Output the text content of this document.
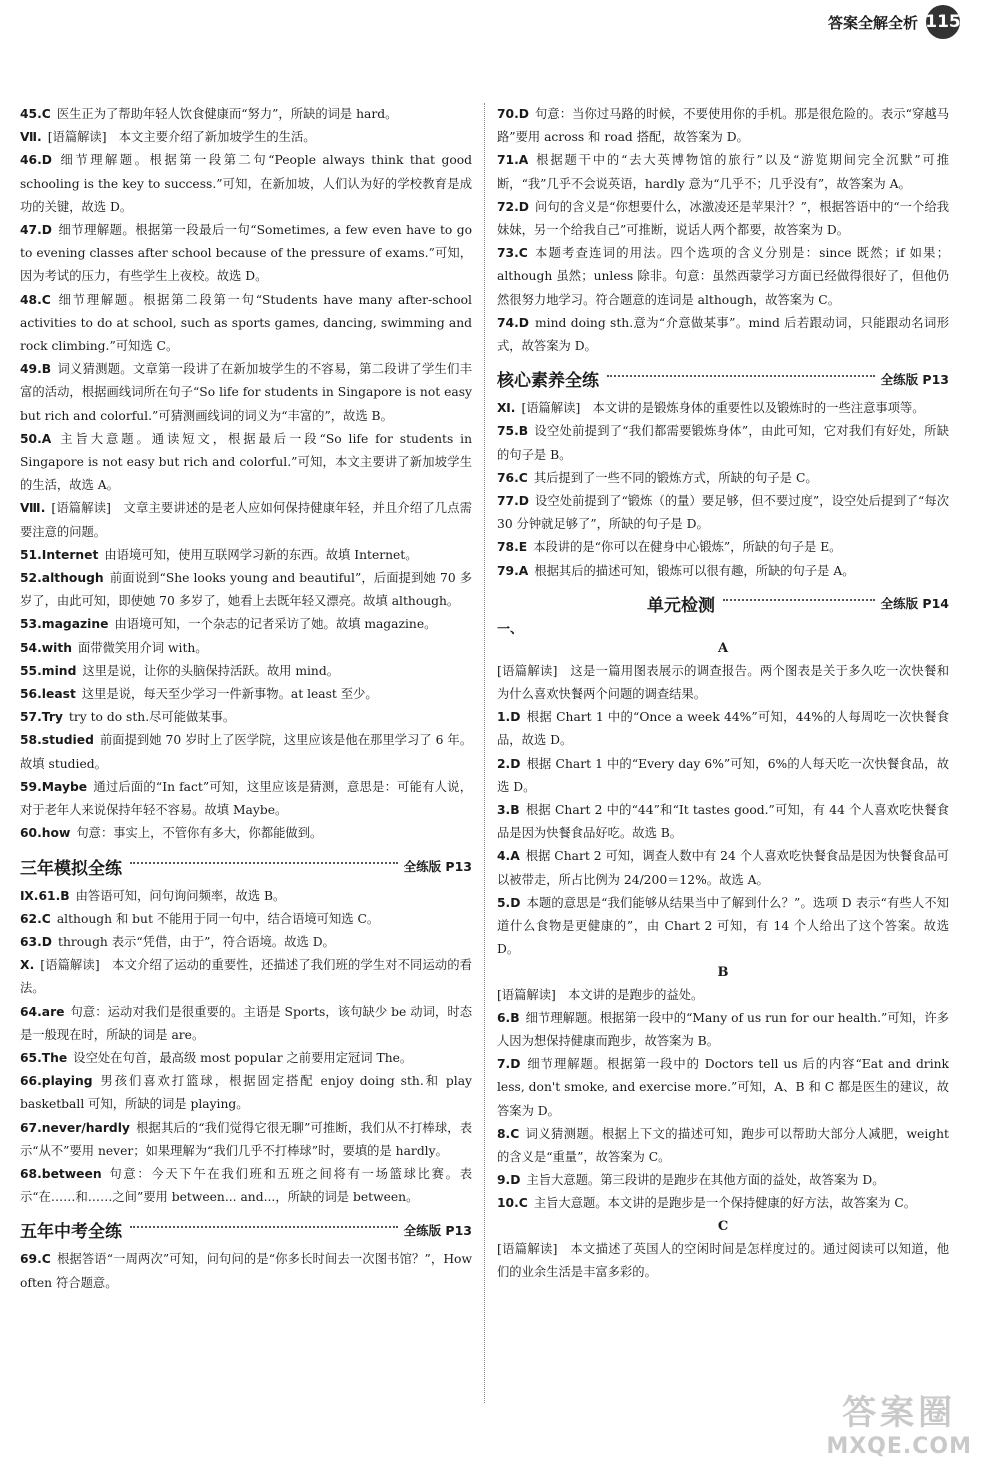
答案全解全析 115

45.C 医生正为了帮助年轻人饮食健康而“努力”，所缺的词是 hard。

Ⅶ. [语篇解读]　本文主要介绍了新加坡学生的生活。

46.D 细节理解题。根据第一段第二句“People always think that good schooling is the key to success.”可知，在新加坡，人们认为好的学校教育是成功的关键，故选 D。

47.D 细节理解题。根据第一段最后一句“Sometimes, a few even have to go to evening classes after school because of the pressure of exams.”可知，因为考试的压力，有些学生上夜校。故选 D。

48.C 细节理解题。根据第二段第一句“Students have many after-school activities to do at school, such as sports games, dancing, swimming and rock climbing.”可知选 C。

49.B 词义猜测题。文章第一段讲了在新加坡学生的不容易，第二段讲了学生们丰富的活动，根据画线词所在句子“So life for students in Singapore is not easy but rich and colorful.”可猜测画线词的词义为“丰富的”，故选 B。

50.A 主旨大意题。通读短文，根据最后一段“So life for students in Singapore is not easy but rich and colorful.”可知，本文主要讲了新加坡学生的生活，故选 A。

Ⅷ. [语篇解读]　文章主要讲述的是老人应如何保持健康年轻，并且介绍了几点需要注意的问题。

51.Internet 由语境可知，使用互联网学习新的东西。故填 Internet。

52.although 前面说到“She looks young and beautiful”，后面提到她 70 多岁了，由此可知，即使她 70 多岁了，她看上去既年轻又漂亮。故填 although。

53.magazine 由语境可知，一个杂志的记者采访了她。故填 magazine。

54.with 面带微笑用介词 with。

55.mind 这里是说，让你的头脑保持活跃。故用 mind。

56.least 这里是说，每天至少学习一件新事物。at least 至少。

57.Try try to do sth.尽可能做某事。

58.studied 前面提到她 70 岁时上了医学院，这里应该是他在那里学习了 6 年。故填 studied。

59.Maybe 通过后面的“In fact”可知，这里应该是猜测，意思是：可能有人说，对于老年人来说保持年轻不容易。故填 Maybe。

60.how 句意：事实上，不管你有多大，你都能做到。

三年模拟全练	全练版 P13

Ⅸ.61.B 由答语可知，问句询问频率，故选 B。

62.C although 和 but 不能用于同一句中，结合语境可知选 C。

63.D through 表示“凭借，由于”，符合语境。故选 D。

Ⅹ. [语篇解读]　本文介绍了运动的重要性，还描述了我们班的学生对不同运动的看法。

64.are 句意：运动对我们是很重要的。主语是 Sports，该句缺少 be 动词，时态是一般现在时，所缺的词是 are。

65.The 设空处在句首，最高级 most popular 之前要用定冠词 The。

66.playing 男孩们喜欢打篮球，根据固定搭配 enjoy doing sth.和 play basketball 可知，所缺的词是 playing。

67.never/hardly 根据其后的“我们觉得它很无聊”可推断，我们从不打棒球，表示“从不”要用 never；如果理解为“我们几乎不打棒球”时，要填的是 hardly。

68.between 句意：今天下午在我们班和五班之间将有一场篮球比赛。表示“在……和……之间”要用 between... and...，所缺的词是 between。

五年中考全练	全练版 P13

69.C 根据答语“一周两次”可知，问句问的是“你多长时间去一次图书馆？”，How often 符合题意。

70.D 句意：当你过马路的时候，不要使用你的手机。那是很危险的。表示“穿越马路”要用 across 和 road 搭配，故答案为 D。

71.A 根据题干中的“去大英博物馆的旅行”以及“游览期间完全沉默”可推断，“我”几乎不会说英语，hardly 意为“几乎不；几乎没有”，故答案为 A。

72.D 问句的含义是“你想要什么，冰激凌还是苹果汁？”，根据答语中的“一个给我妹妹，另一个给我自己”可推断，说话人两个都要，故答案为 D。

73.C 本题考查连词的用法。四个选项的含义分别是：since 既然；if 如果；although 虽然；unless 除非。句意：虽然西蒙学习方面已经做得很好了，但他仍然很努力地学习。符合题意的连词是 although，故答案为 C。

74.D mind doing sth.意为“介意做某事”。mind 后若跟动词，只能跟动名词形式，故答案为 D。

核心素养全练	全练版 P13

Ⅺ. [语篇解读]　本文讲的是锻炼身体的重要性以及锻炼时的一些注意事项等。

75.B 设空处前提到了“我们都需要锻炼身体”，由此可知，它对我们有好处，所缺的句子是 B。

76.C 其后提到了一些不同的锻炼方式，所缺的句子是 C。

77.D 设空处前提到了“锻炼（的量）要足够，但不要过度”，设空处后提到了“每次 30 分钟就足够了”，所缺的句子是 D。

78.E 本段讲的是“你可以在健身中心锻炼”，所缺的句子是 E。

79.A 根据其后的描述可知，锻炼可以很有趣，所缺的句子是 A。

单元检测	全练版 P14

一、

A

[语篇解读]　这是一篇用图表展示的调查报告。两个图表是关于多久吃一次快餐和为什么喜欢快餐两个问题的调查结果。

1.D 根据 Chart 1 中的“Once a week 44%”可知，44%的人每周吃一次快餐食品，故选 D。

2.D 根据 Chart 1 中的“Every day 6%”可知，6%的人每天吃一次快餐食品，故选 D。

3.B 根据 Chart 2 中的“44”和“It tastes good.”可知，有 44 个人喜欢吃快餐食品是因为快餐食品好吃。故选 B。

4.A 根据 Chart 2 可知，调查人数中有 24 个人喜欢吃快餐食品是因为快餐食品可以被带走，所占比例为 24/200＝12%。故选 A。

5.D 本题的意思是“我们能够从结果当中了解到什么？”。选项 D 表示“有些人不知道什么食物是更健康的”，由 Chart 2 可知，有 14 个人给出了这个答案。故选 D。

B

[语篇解读]　本文讲的是跑步的益处。

6.B 细节理解题。根据第一段中的“Many of us run for our health.”可知，许多人因为想保持健康而跑步，故答案为 B。

7.D 细节理解题。根据第一段中的 Doctors tell us 后的内容“Eat and drink less, don't smoke, and exercise more.”可知，A、B 和 C 都是医生的建议，故答案为 D。

8.C 词义猜测题。根据上下文的描述可知，跑步可以帮助大部分人减肥，weight 的含义是“重量”，故答案为 C。

9.D 主旨大意题。第三段讲的是跑步在其他方面的益处，故答案为 D。

10.C 主旨大意题。本文讲的是跑步是一个保持健康的好方法，故答案为 C。

C

[语篇解读]　本文描述了英国人的空闲时间是怎样度过的。通过阅读可以知道，他们的业余生活是丰富多彩的。

答案圈
MXQE.COM
